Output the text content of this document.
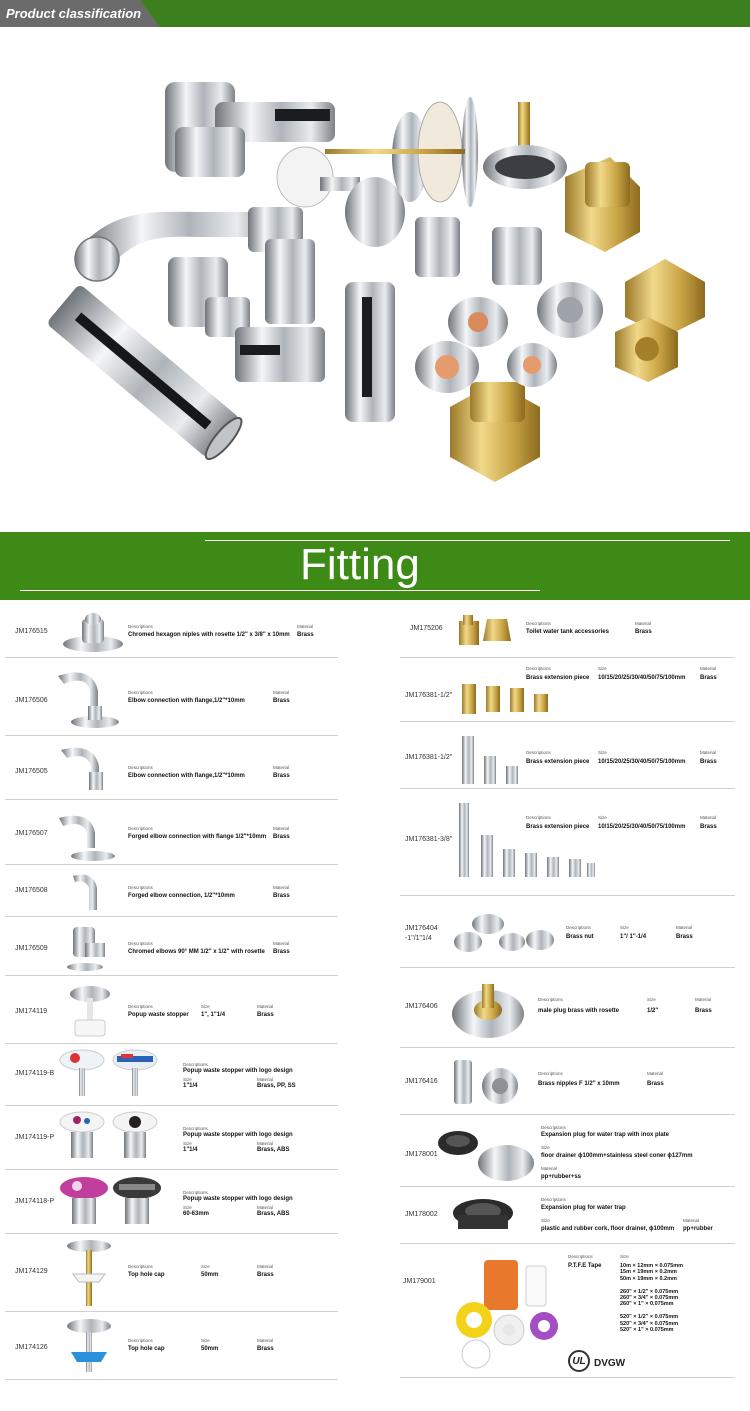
Product classification
Fitting
JM176515
Descriptions
Chromed hexagon niples with rosette 1/2" x 3/8" x 10mm
Material
Brass
JM176506
Descriptions
Elbow connection with flange,1/2"*10mm
Material
Brass
JM176505
Descriptions
Elbow connection with flange,1/2"*10mm
Material
Brass
JM176507
Descriptions
Forged elbow connection with flange 1/2"*10mm
Material
Brass
JM176508	Descriptions
Forged elbow connection, 1/2"*10mm
Material
Brass
JM176509
Descriptions
Chromed elbows 90° MM 1/2" x 1/2" with rosette
Material
Brass
JM174119
Descriptions
Popup waste stopper
Size
1", 1"1/4
Material
Brass
JM174119-B
Descriptions
Popup waste stopper with logo design
Size
1"1/4
Material
Brass, PP, SS
JM174119-P
Descriptions
Popup waste stopper with logo design
Size
1"1/4
Material
Brass, ABS
JM174118-P
Descriptions
Popup waste stopper with logo design
Size
60-63mm
Material
Brass, ABS
JM174129
Descriptions
Top hole cap
Size
50mm
Material
Brass
JM174126
Descriptions
Top hole cap
Size
50mm
Material
Brass
JM175206
Descriptions
Toilet water tank accessories
Material
Brass
JM176381-1/2"
Descriptions
Brass extension piece
Size
10/15/20/25/30/40/50/75/100mm
Material
Brass
JM176381-1/2"
Descriptions
Brass extension piece
Size
10/15/20/25/30/40/50/75/100mm
Material
Brass
JM176381-3/8"
Descriptions
Brass extension piece
Size
10/15/20/25/30/40/50/75/100mm
Material
Brass
JM176404
-1"/1"1/4
Descriptions
Brass nut
Size
1"/ 1"-1/4
Material
Brass
JM176406
Descriptions
male plug brass with rosette
Size
1/2"
Material
Brass
JM176416
Descriptions
Brass nipples F 1/2" x 10mm
Material
Brass
JM178001
Descriptions
Expansion plug for water trap with inox plate
Size
floor drainer ϕ100mm+stainless steel coner ϕ127mm
Material
pp+rubber+ss
JM178002
Descriptions
Expansion plug for water trap
Size
plastic and rubber cork, floor drainer, ϕ100mm
Material
pp+rubber
JM179001
Descriptions
P.T.F.E Tape
Size
10m × 12mm × 0.075mm
15m × 19mm × 0.2mm
50m × 19mm × 0.2mm

260" × 1/2" × 0.075mm
260" × 3/4" × 0.075mm
260" × 1" × 0.075mm

520" × 1/2" × 0.075mm
520" × 3/4" × 0.075mm
520" × 1" × 0.075mm
UL DVGW
